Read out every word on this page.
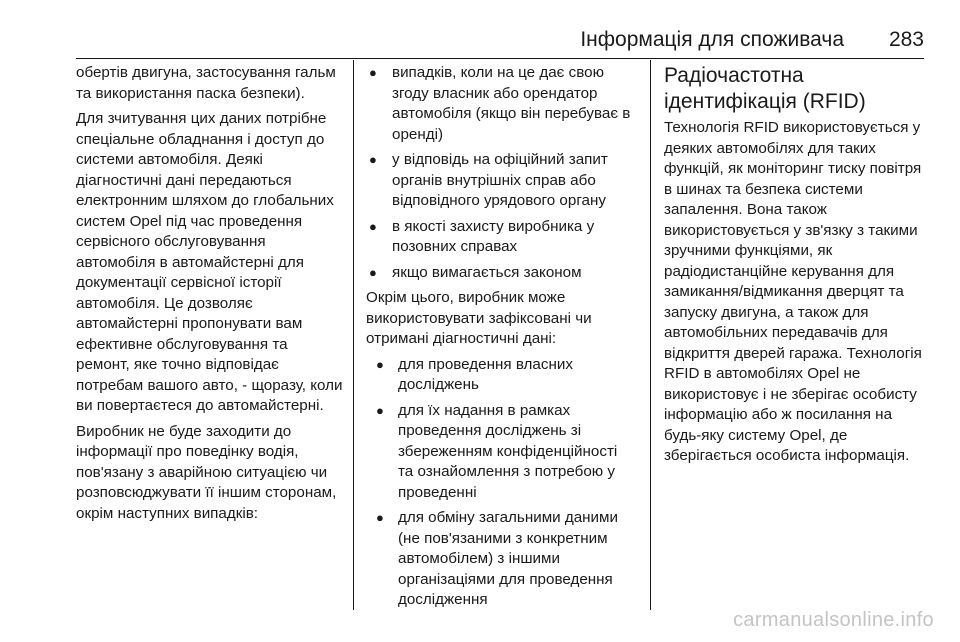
Інформація для споживача 283

обертів двигуна, застосування гальм та використання паска безпеки).

Для зчитування цих даних потрібне спеціальне обладнання і доступ до системи автомобіля. Деякі діагностичні дані передаються електронним шляхом до глобальних систем Opel під час проведення сервісного обслуговування автомобіля в автомайстерні для документації сервісної історії автомобіля. Це дозволяє автомайстерні пропонувати вам ефективне обслуговування та ремонт, яке точно відповідає потребам вашого авто, - щоразу, коли ви повертаєтеся до автомайстерні.

Виробник не буде заходити до інформації про поведінку водія, пов'язану з аварійною ситуацією чи розповсюджувати її іншим сторонам, окрім наступних випадків:

● випадків, коли на це дає свою згоду власник або орендатор автомобіля (якщо він перебуває в оренді)
● у відповідь на офіційний запит органів внутрішніх справ або відповідного урядового органу
● в якості захисту виробника у позовних справах
● якщо вимагається законом

Окрім цього, виробник може використовувати зафіксовані чи отримані діагностичні дані:

● для проведення власних досліджень
● для їх надання в рамках проведення досліджень зі збереженням конфіденційності та ознайомлення з потребою у проведенні
● для обміну загальними даними (не пов'язаними з конкретним автомобілем) з іншими організаціями для проведення дослідження
Радіочастотна ідентифікація (RFID)

Технологія RFID використовується у деяких автомобілях для таких функцій, як моніторинг тиску повітря в шинах та безпека системи запалення. Вона також використовується у зв'язку з такими зручними функціями, як радіодистанційне керування для замикання/відмикання дверцят та запуску двигуна, а також для автомобільних передавачів для відкриття дверей гаража. Технологія RFID в автомобілях Opel не використовує і не зберігає особисту інформацію або ж посилання на будь-яку систему Opel, де зберігається особиста інформація.

carmanualsonline.info
